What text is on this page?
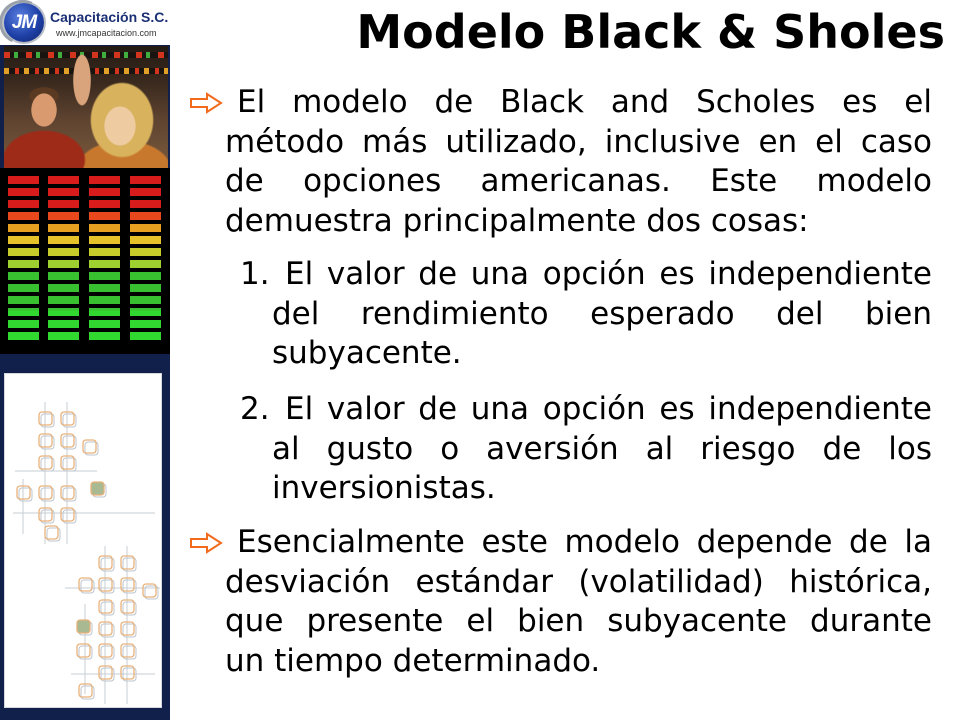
JM Capacitación S.C.
www.jmcapacitacion.com	Modelo Black & Sholes
El modelo de Black and Scholes es el
método más utilizado, inclusive en el caso
de opciones americanas. Este modelo
demuestra principalmente dos cosas:
1. El valor de una opción es independiente
del rendimiento esperado del bien
subyacente.
2. El valor de una opción es independiente
al gusto o aversión al riesgo de los
inversionistas.
Esencialmente este modelo depende de la
desviación estándar (volatilidad) histórica,
que presente el bien subyacente durante
un tiempo determinado.
